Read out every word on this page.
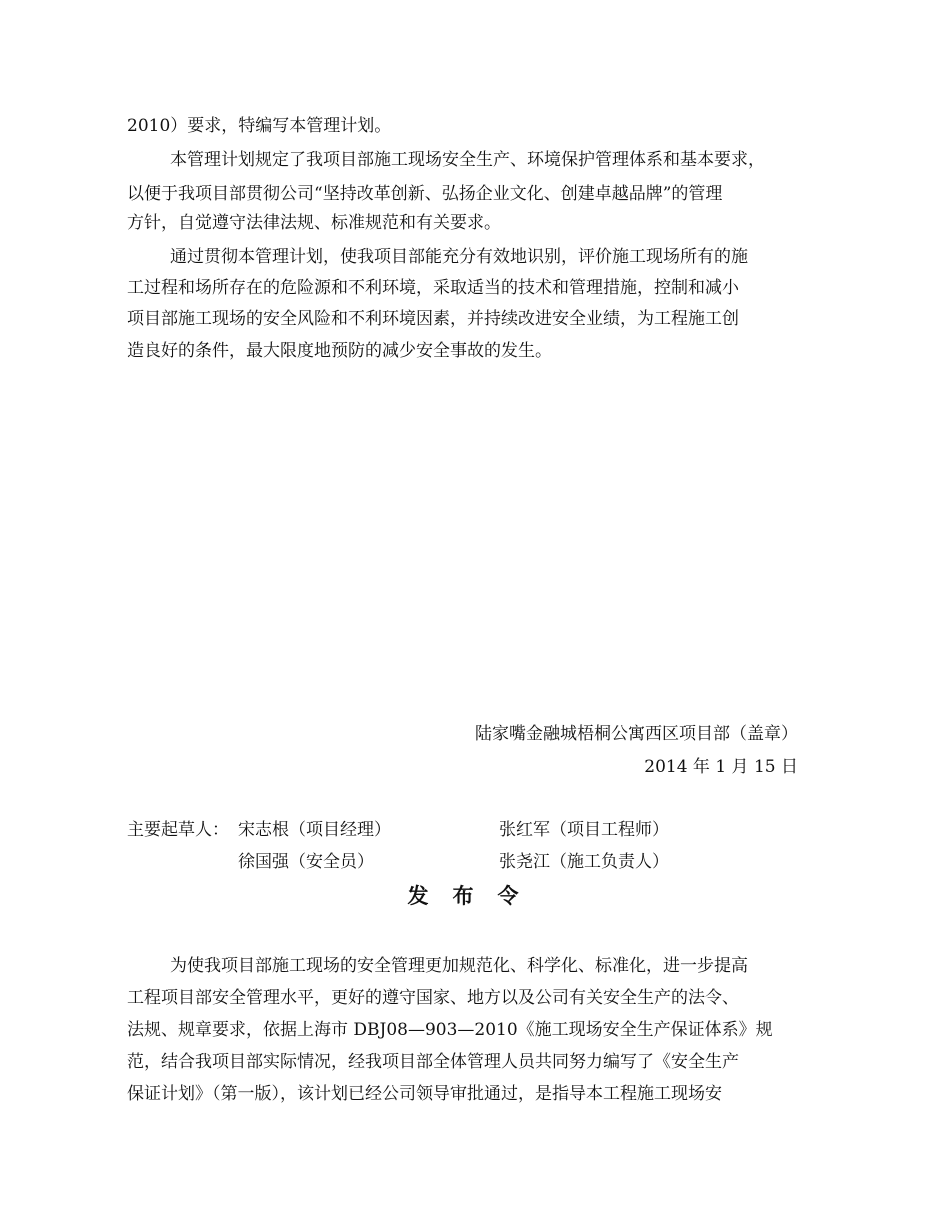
2010）要求，特编写本管理计划。
本管理计划规定了我项目部施工现场安全生产、环境保护管理体系和基本要求，
以便于我项目部贯彻公司“坚持改革创新、弘扬企业文化、创建卓越品牌”的管理
方针，自觉遵守法律法规、标准规范和有关要求。
通过贯彻本管理计划，使我项目部能充分有效地识别，评价施工现场所有的施
工过程和场所存在的危险源和不利环境，采取适当的技术和管理措施，控制和减小
项目部施工现场的安全风险和不利环境因素，并持续改进安全业绩，为工程施工创
造良好的条件，最大限度地预防的减少安全事故的发生。
陆家嘴金融城梧桐公寓西区项目部（盖章）
2014 年 1 月 15 日
主要起草人： 宋志根（项目经理）	张红军（项目工程师）
徐国强（安全员）	张尧江（施工负责人）
发布令
为使我项目部施工现场的安全管理更加规范化、科学化、标准化，进一步提高
工程项目部安全管理水平，更好的遵守国家、地方以及公司有关安全生产的法令、
法规、规章要求，依据上海市 DBJ08—903—2010《施工现场安全生产保证体系》规
范，结合我项目部实际情况，经我项目部全体管理人员共同努力编写了《安全生产
保证计划》（第一版），该计划已经公司领导审批通过，是指导本工程施工现场安
